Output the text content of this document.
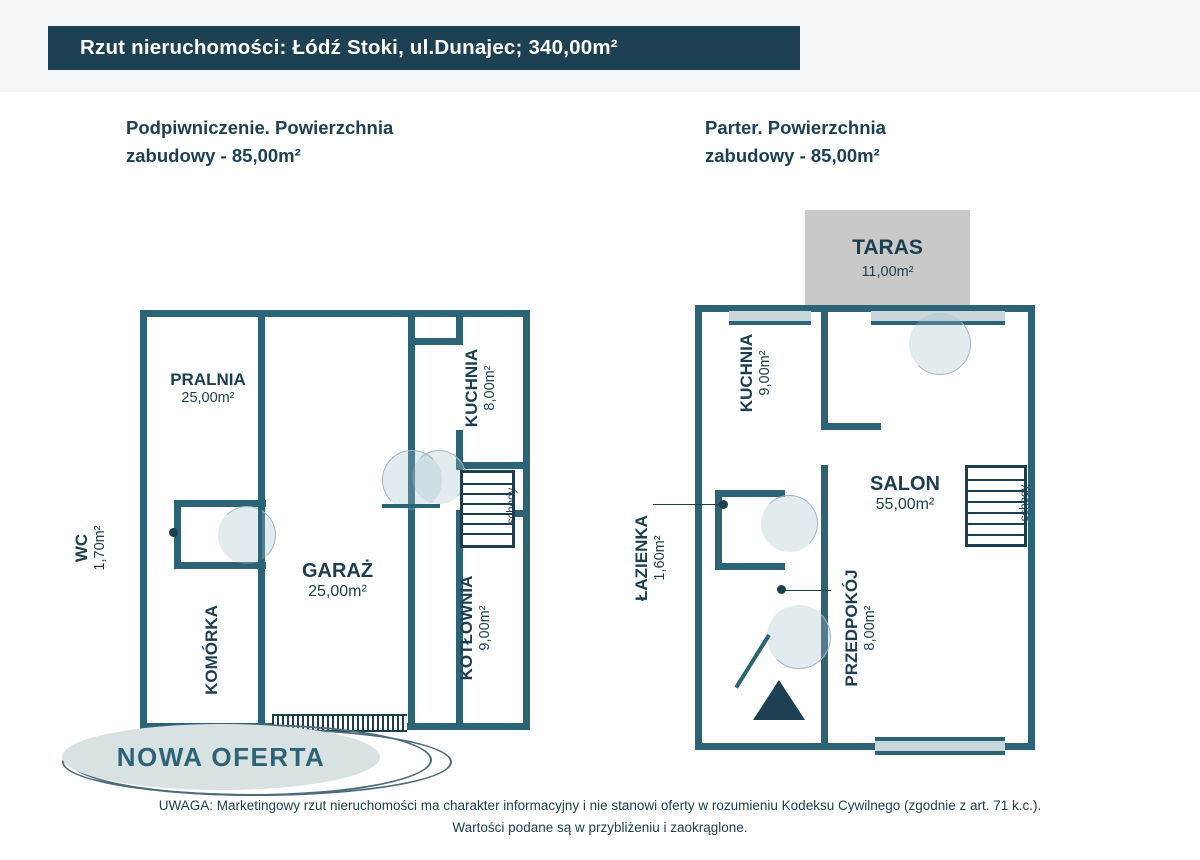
Rzut nieruchomości: Łódź Stoki, ul.Dunajec; 340,00m²
Podpiwniczenie. Powierzchnia
zabudowy - 85,00m²
Parter. Powierzchnia
zabudowy - 85,00m²
schody
PRALNIA
25,00m²
WC 1,70m²
KOMÓRKA
GARAŻ
25,00m²
KUCHNIA 8,00m²
KOTŁOWNIA 9,00m²
TARAS
11,00m²
schody
KUCHNIA 9,00m²
ŁAZIENKA 1,60m²
SALON
55,00m²
PRZEDPOKÓJ 8,00m²
NOWA OFERTA
UWAGA: Marketingowy rzut nieruchomości ma charakter informacyjny i nie stanowi oferty w rozumieniu Kodeksu Cywilnego (zgodnie z art. 71 k.c.).
Wartości podane są w przybliżeniu i zaokrąglone.
